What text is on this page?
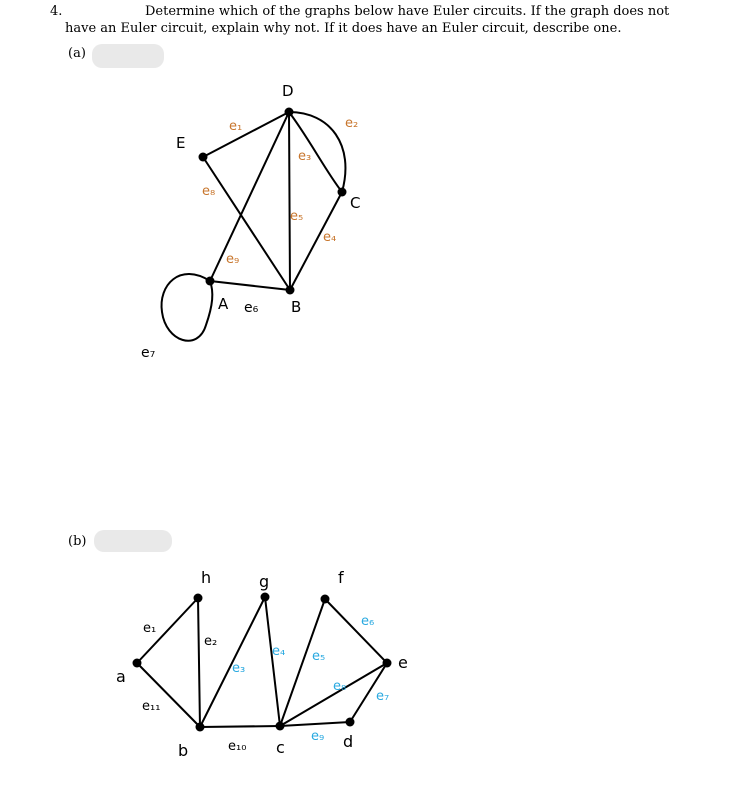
4.	Determine which of the graphs below have Euler circuits. If the graph does not
have an Euler circuit, explain why not. If it does have an Euler circuit, describe one.
(a)
(b)
D
E
C
A	B
e₇
e₆
e₁	e₂
e₃
e₄
e₅
e₈
e₉
a
b	c	d
e
f
g
h
e₁
e₂
e₁₀
e₁₁
e₃
e₄ e₅
e₆
e₇
e₈
e₉
